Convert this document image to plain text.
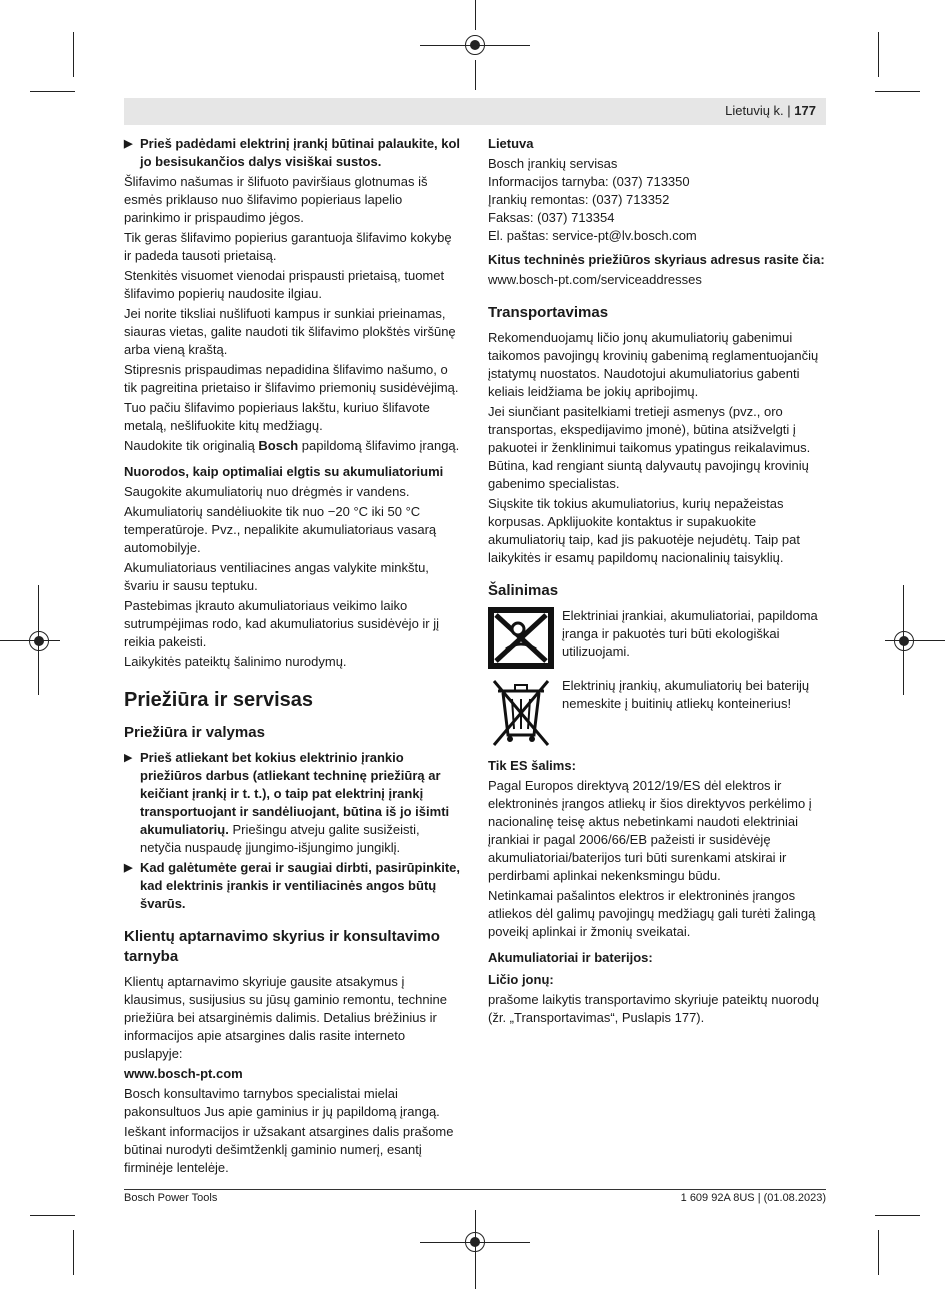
Lietuvių k. | 177
▶ Prieš padėdami elektrinį įrankį būtinai palaukite, kol jo besisukančios dalys visiškai sustos.

Šlifavimo našumas ir šlifuoto paviršiaus glotnumas iš esmės priklauso nuo šlifavimo popieriaus lapelio parinkimo ir prispaudimo jėgos.

Tik geras šlifavimo popierius garantuoja šlifavimo kokybę ir padeda tausoti prietaisą.

Stenkitės visuomet vienodai prispausti prietaisą, tuomet šlifavimo popierių naudosite ilgiau.

Jei norite tiksliai nušlifuoti kampus ir sunkiai prieinamas, siauras vietas, galite naudoti tik šlifavimo plokštės viršūnę arba vieną kraštą.

Stipresnis prispaudimas nepadidina šlifavimo našumo, o tik pagreitina prietaiso ir šlifavimo priemonių susidėvėjimą.

Tuo pačiu šlifavimo popieriaus lakštu, kuriuo šlifavote metalą, nešlifuokite kitų medžiagų.

Naudokite tik originalią Bosch papildomą šlifavimo įrangą.

Nuorodos, kaip optimaliai elgtis su akumuliatoriumi

Saugokite akumuliatorių nuo drėgmės ir vandens.

Akumuliatorių sandėliuokite tik nuo −20 °C iki 50 °C temperatūroje. Pvz., nepalikite akumuliatoriaus vasarą automobilyje.

Akumuliatoriaus ventiliacines angas valykite minkštu, švariu ir sausu teptuku.

Pastebimas įkrauto akumuliatoriaus veikimo laiko sutrumpėjimas rodo, kad akumuliatorius susidėvėjo ir jį reikia pakeisti.

Laikykitės pateiktų šalinimo nurodymų.

Priežiūra ir servisas
Priežiūra ir valymas
▶ Prieš atliekant bet kokius elektrinio įrankio priežiūros darbus (atliekant techninę priežiūrą ar keičiant įrankį ir t. t.), o taip pat elektrinį įrankį transportuojant ir sandėliuojant, būtina iš jo išimti akumuliatorių. Priešingu atveju galite susižeisti, netyčia nuspaudę įjungimo-išjungimo jungiklį.
▶ Kad galėtumėte gerai ir saugiai dirbti, pasirūpinkite, kad elektrinis įrankis ir ventiliacinės angos būtų švarūs.
Klientų aptarnavimo skyrius ir konsultavimo tarnyba

Klientų aptarnavimo skyriuje gausite atsakymus į klausimus, susijusius su jūsų gaminio remontu, technine priežiūra bei atsarginėmis dalimis. Detalius brėžinius ir informacijos apie atsargines dalis rasite interneto puslapyje:

www.bosch-pt.com

Bosch konsultavimo tarnybos specialistai mielai pakonsultuos Jus apie gaminius ir jų papildomą įrangą.

Ieškant informacijos ir užsakant atsargines dalis prašome būtinai nurodyti dešimtženklį gaminio numerį, esantį firminėje lentelėje.

Lietuva

Bosch įrankių servisas

Informacijos tarnyba: (037) 713350

Įrankių remontas: (037) 713352

Faksas: (037) 713354

El. paštas: service-pt@lv.bosch.com

Kitus techninės priežiūros skyriaus adresus rasite čia:

www.bosch-pt.com/serviceaddresses

Transportavimas

Rekomenduojamų ličio jonų akumuliatorių gabenimui taikomos pavojingų krovinių gabenimą reglamentuojančių įstatymų nuostatos. Naudotojui akumuliatorius gabenti keliais leidžiama be jokių apribojimų.

Jei siunčiant pasitelkiami tretieji asmenys (pvz., oro transportas, ekspedijavimo įmonė), būtina atsižvelgti į pakuotei ir ženklinimui taikomus ypatingus reikalavimus. Būtina, kad rengiant siuntą dalyvautų pavojingų krovinių gabenimo specialistas.

Siųskite tik tokius akumuliatorius, kurių nepažeistas korpusas. Apklijuokite kontaktus ir supakuokite akumuliatorių taip, kad jis pakuotėje nejudėtų. Taip pat laikykitės ir esamų papildomų nacionalinių taisyklių.

Šalinimas
Elektriniai įrankiai, akumuliatoriai, papildoma įranga ir pakuotės turi būti ekologiškai utilizuojami.
Elektrinių įrankių, akumuliatorių bei baterijų nemeskite į buitinių atliekų konteinerius!
Tik ES šalims:

Pagal Europos direktyvą 2012/19/ES dėl elektros ir elektroninės įrangos atliekų ir šios direktyvos perkėlimo į nacionalinę teisę aktus nebetinkami naudoti elektriniai įrankiai ir pagal 2006/66/EB pažeisti ir susidėvėję akumuliatoriai/baterijos turi būti surenkami atskirai ir perdirbami aplinkai nekenksmingu būdu.

Netinkamai pašalintos elektros ir elektroninės įrangos atliekos dėl galimų pavojingų medžiagų gali turėti žalingą poveikį aplinkai ir žmonių sveikatai.

Akumuliatoriai ir baterijos:
Ličio jonų:

prašome laikytis transportavimo skyriuje pateiktų nuorodų (žr. „Transportavimas“, Puslapis 177).

Bosch Power Tools	1 609 92A 8US | (01.08.2023)
